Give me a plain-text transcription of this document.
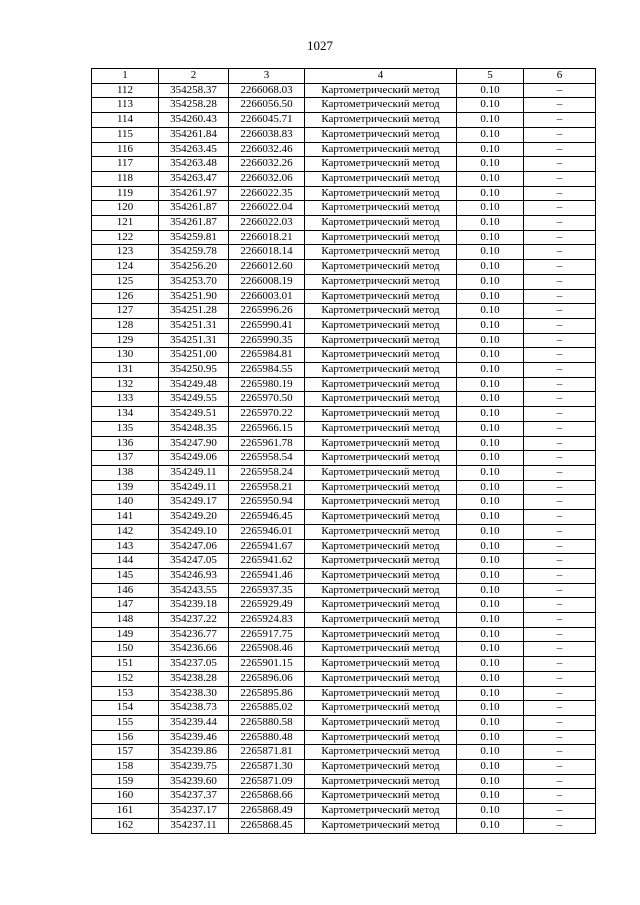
1027
1	2	3	4	5	6
112	354258.37	2266068.03	Картометрический метод	0.10	–
113	354258.28	2266056.50	Картометрический метод	0.10	–
114	354260.43	2266045.71	Картометрический метод	0.10	–
115	354261.84	2266038.83	Картометрический метод	0.10	–
116	354263.45	2266032.46	Картометрический метод	0.10	–
117	354263.48	2266032.26	Картометрический метод	0.10	–
118	354263.47	2266032.06	Картометрический метод	0.10	–
119	354261.97	2266022.35	Картометрический метод	0.10	–
120	354261.87	2266022.04	Картометрический метод	0.10	–
121	354261.87	2266022.03	Картометрический метод	0.10	–
122	354259.81	2266018.21	Картометрический метод	0.10	–
123	354259.78	2266018.14	Картометрический метод	0.10	–
124	354256.20	2266012.60	Картометрический метод	0.10	–
125	354253.70	2266008.19	Картометрический метод	0.10	–
126	354251.90	2266003.01	Картометрический метод	0.10	–
127	354251.28	2265996.26	Картометрический метод	0.10	–
128	354251.31	2265990.41	Картометрический метод	0.10	–
129	354251.31	2265990.35	Картометрический метод	0.10	–
130	354251.00	2265984.81	Картометрический метод	0.10	–
131	354250.95	2265984.55	Картометрический метод	0.10	–
132	354249.48	2265980.19	Картометрический метод	0.10	–
133	354249.55	2265970.50	Картометрический метод	0.10	–
134	354249.51	2265970.22	Картометрический метод	0.10	–
135	354248.35	2265966.15	Картометрический метод	0.10	–
136	354247.90	2265961.78	Картометрический метод	0.10	–
137	354249.06	2265958.54	Картометрический метод	0.10	–
138	354249.11	2265958.24	Картометрический метод	0.10	–
139	354249.11	2265958.21	Картометрический метод	0.10	–
140	354249.17	2265950.94	Картометрический метод	0.10	–
141	354249.20	2265946.45	Картометрический метод	0.10	–
142	354249.10	2265946.01	Картометрический метод	0.10	–
143	354247.06	2265941.67	Картометрический метод	0.10	–
144	354247.05	2265941.62	Картометрический метод	0.10	–
145	354246.93	2265941.46	Картометрический метод	0.10	–
146	354243.55	2265937.35	Картометрический метод	0.10	–
147	354239.18	2265929.49	Картометрический метод	0.10	–
148	354237.22	2265924.83	Картометрический метод	0.10	–
149	354236.77	2265917.75	Картометрический метод	0.10	–
150	354236.66	2265908.46	Картометрический метод	0.10	–
151	354237.05	2265901.15	Картометрический метод	0.10	–
152	354238.28	2265896.06	Картометрический метод	0.10	–
153	354238.30	2265895.86	Картометрический метод	0.10	–
154	354238.73	2265885.02	Картометрический метод	0.10	–
155	354239.44	2265880.58	Картометрический метод	0.10	–
156	354239.46	2265880.48	Картометрический метод	0.10	–
157	354239.86	2265871.81	Картометрический метод	0.10	–
158	354239.75	2265871.30	Картометрический метод	0.10	–
159	354239.60	2265871.09	Картометрический метод	0.10	–
160	354237.37	2265868.66	Картометрический метод	0.10	–
161	354237.17	2265868.49	Картометрический метод	0.10	–
162	354237.11	2265868.45	Картометрический метод	0.10	–
